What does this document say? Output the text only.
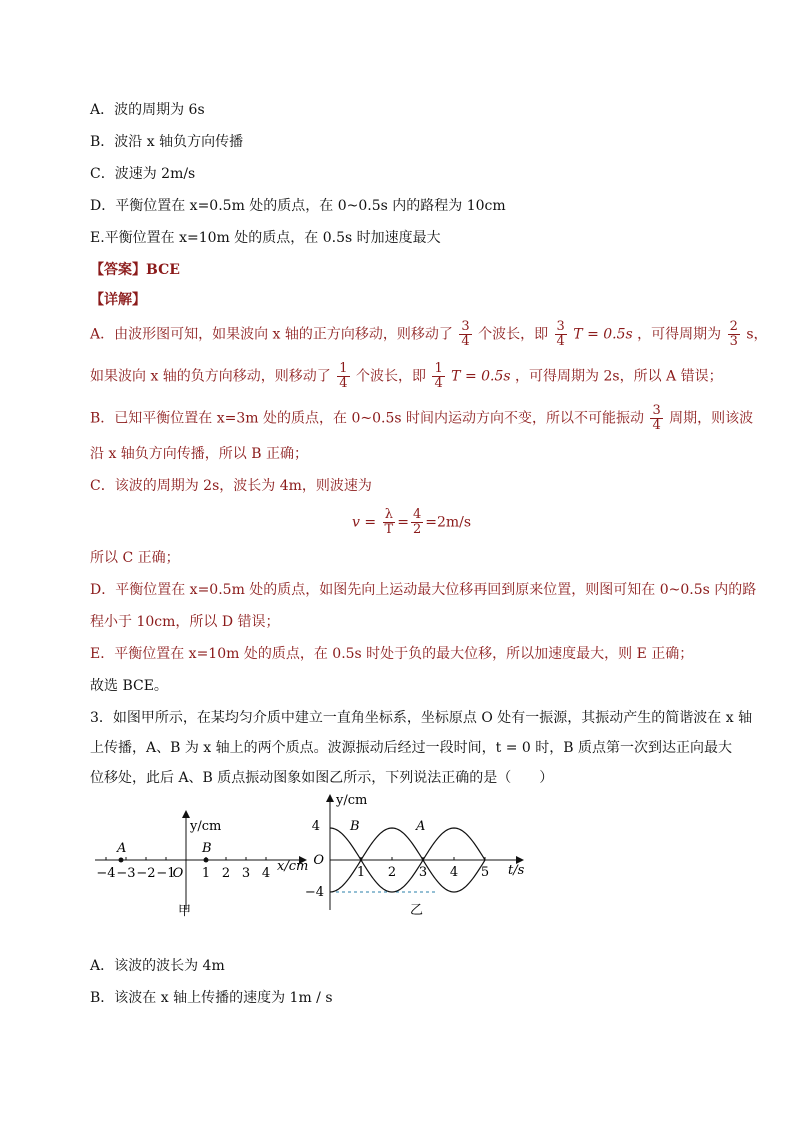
A．波的周期为 6s
B．波沿 x 轴负方向传播
C．波速为 2m/s
D．平衡位置在 x=0.5m 处的质点，在 0~0.5s 内的路程为 10cm
E.平衡位置在 x=10m 处的质点，在 0.5s 时加速度最大
【答案】BCE
【详解】
A．由波形图可知，如果波向 x 轴的正方向移动，则移动了 $\frac{3}{4}$ 个波长，即 $\frac{3}{4}$ T = 0.5s ，可得周期为 $\frac{2}{3}$ s，
如果波向 x 轴的负方向移动，则移动了 $\frac{1}{4}$ 个波长，即 $\frac{1}{4}$ T = 0.5s ，可得周期为 2s，所以 A 错误；
B．已知平衡位置在 x=3m 处的质点，在 0~0.5s 时间内运动方向不变，所以不可能振动 $\frac{3}{4}$ 周期，则该波
沿 x 轴负方向传播，所以 B 正确；
C．该波的周期为 2s，波长为 4m，则波速为
$v = \frac{\lambda}{T} = \frac{4}{2} =2m/s$
所以 C 正确；
D．平衡位置在 x=0.5m 处的质点，如图先向上运动最大位移再回到原来位置，则图可知在 0~0.5s 内的路
程小于 10cm，所以 D 错误；
E．平衡位置在 x=10m 处的质点，在 0.5s 时处于负的最大位移，所以加速度最大，则 E 正确；
故选 BCE。
3．如图甲所示，在某均匀介质中建立一直角坐标系，坐标原点 O 处有一振源，其振动产生的简谐波在 x 轴
上传播，A、B 为 x 轴上的两个质点。波源振动后经过一段时间，t = 0 时，B 质点第一次到达正向最大
位移处，此后 A、B 质点振动图象如图乙所示，下列说法正确的是（　　）
y/cm
x/cm
−4 −3 −2 −1
O 1 2 3 4
A	B
甲
y/cm
t/s
4
O
−4
1 2 3 4 5
B	A
乙
A．该波的波长为 4m
B．该波在 x 轴上传播的速度为 1m / s
